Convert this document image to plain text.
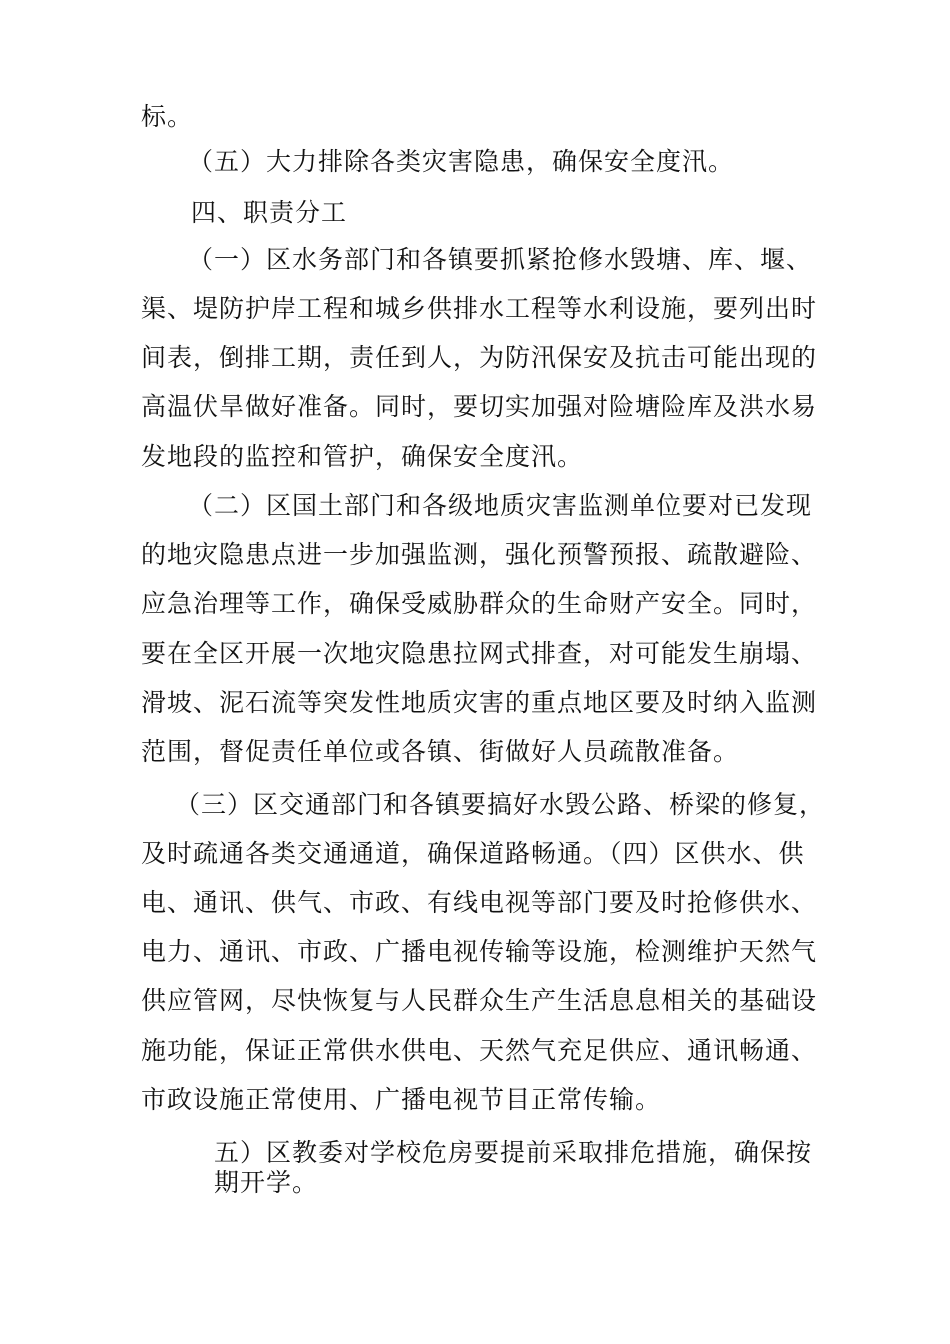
标。
（五）大力排除各类灾害隐患，确保安全度汛。
四、职责分工
（一）区水务部门和各镇要抓紧抢修水毁塘、库、堰、
渠、堤防护岸工程和城乡供排水工程等水利设施，要列出时
间表，倒排工期，责任到人，为防汛保安及抗击可能出现的
高温伏旱做好准备。同时，要切实加强对险塘险库及洪水易
发地段的监控和管护，确保安全度汛。
（二）区国土部门和各级地质灾害监测单位要对已发现
的地灾隐患点进一步加强监测，强化预警预报、疏散避险、
应急治理等工作，确保受威胁群众的生命财产安全。同时，
要在全区开展一次地灾隐患拉网式排查，对可能发生崩塌、
滑坡、泥石流等突发性地质灾害的重点地区要及时纳入监测
范围，督促责任单位或各镇、街做好人员疏散准备。
（三）区交通部门和各镇要搞好水毁公路、桥梁的修复，
及时疏通各类交通通道，确保道路畅通。（四）区供水、供
电、通讯、供气、市政、有线电视等部门要及时抢修供水、
电力、通讯、市政、广播电视传输等设施，检测维护天然气
供应管网，尽快恢复与人民群众生产生活息息相关的基础设
施功能，保证正常供水供电、天然气充足供应、通讯畅通、
市政设施正常使用、广播电视节目正常传输。
五）区教委对学校危房要提前采取排危措施，确保按
期开学。
